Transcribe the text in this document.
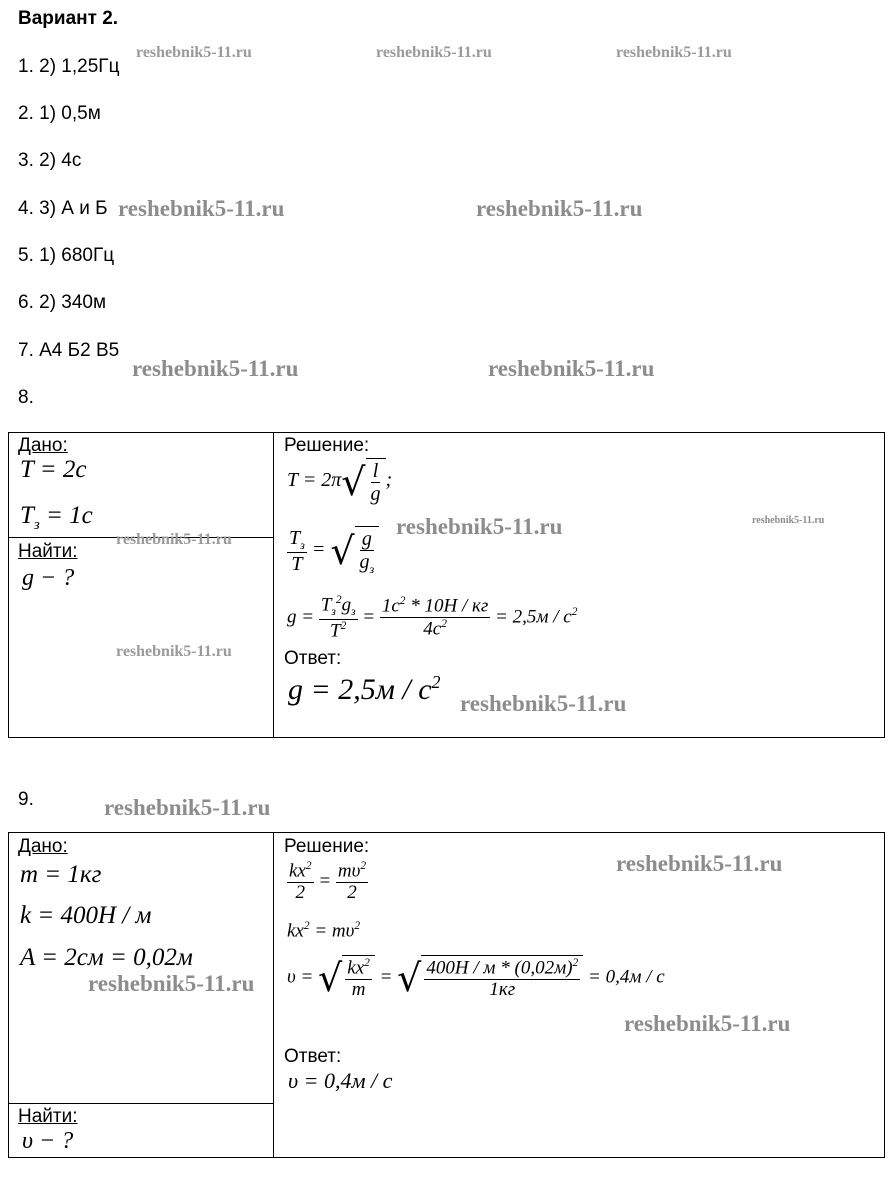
Вариант 2.
1. 2) 1,25Гц
2. 1) 0,5м
3. 2) 4с
4. 3) А и Б
5. 1) 680Гц
6. 2) 340м
7. А4 Б2 В5
8.
reshebnik5-11.ru	reshebnik5-11.ru	reshebnik5-11.ru
reshebnik5-11.ru	reshebnik5-11.ru
reshebnik5-11.ru	reshebnik5-11.ru
Дано:
T = 2c
$T_з = 1c$
Найти:
g − ?
Решение:
T = 2π √ $\frac{l}{g}$ ;
$\frac{T_з}{T}$ = √ $\frac{g}{g_з}$
$g = \frac{T_з^2g_з}{T^2} = \frac{1с^2 * 10H / кг}{4c^2} = 2,5м / с^2$
Ответ:
$g = 2,5м / c^2$
reshebnik5-11.ru
reshebnik5-11.ru
reshebnik5-11.ru	reshebnik5-11.ru
reshebnik5-11.ru
9.	reshebnik5-11.ru
Дано:
m = 1кг
k = 400H / м
A = 2см = 0,02м
Найти:
υ − ?
Решение:
$\frac{kx^2}{2} = \frac{m\upsilon^2}{2}$
$kx^2 = m\upsilon^2$
υ = √ $\frac{kx^2}{m}$ = √ $\frac{400H / м * (0,02м)^2}{1кг} = 0,4м / с$
Ответ:
υ = 0,4м / с
reshebnik5-11.ru
reshebnik5-11.ru
reshebnik5-11.ru
